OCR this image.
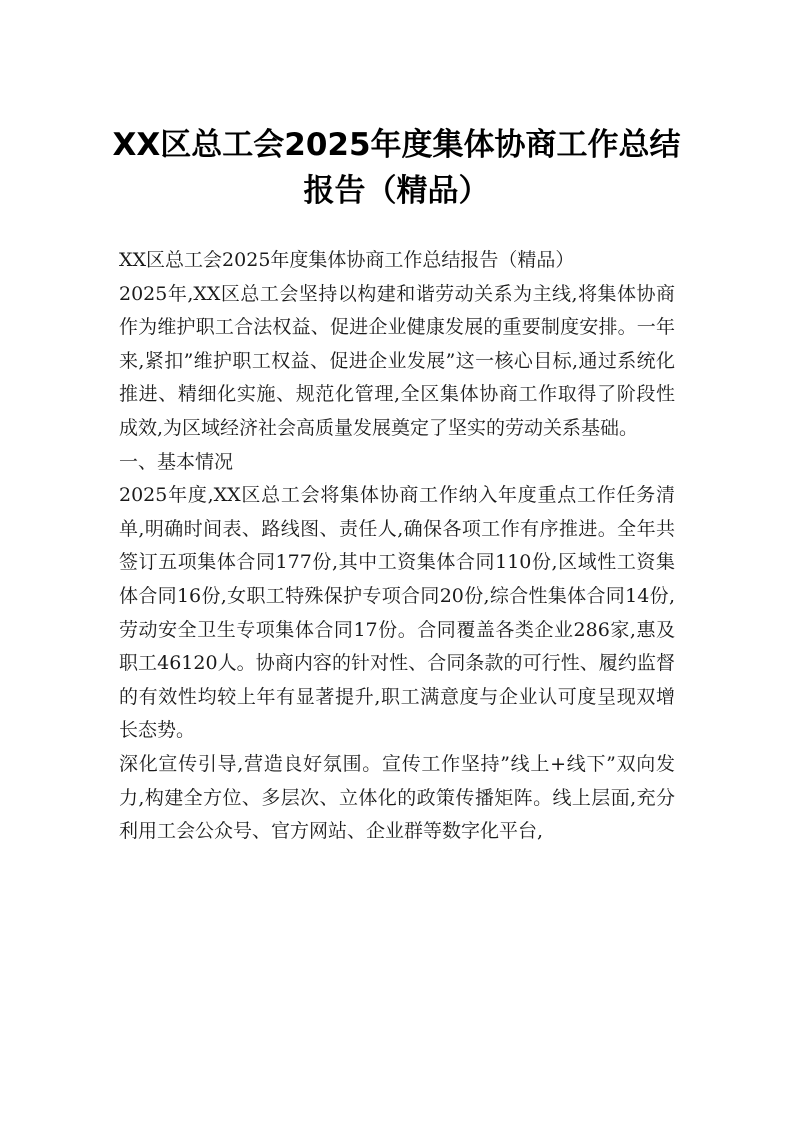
XX区总工会2025年度集体协商工作总结报告（精品）

XX区总工会2025年度集体协商工作总结报告（精品）

2025年,XX区总工会坚持以构建和谐劳动关系为主线,将集体协商作为维护职工合法权益、促进企业健康发展的重要制度安排。一年来,紧扣”维护职工权益、促进企业发展”这一核心目标,通过系统化推进、精细化实施、规范化管理,全区集体协商工作取得了阶段性成效,为区域经济社会高质量发展奠定了坚实的劳动关系基础。

一、基本情况

2025年度,XX区总工会将集体协商工作纳入年度重点工作任务清单,明确时间表、路线图、责任人,确保各项工作有序推进。全年共签订五项集体合同177份,其中工资集体合同110份,区域性工资集体合同16份,女职工特殊保护专项合同20份,综合性集体合同14份,劳动安全卫生专项集体合同17份。合同覆盖各类企业286家,惠及职工46120人。协商内容的针对性、合同条款的可行性、履约监督的有效性均较上年有显著提升,职工满意度与企业认可度呈现双增长态势。

深化宣传引导,营造良好氛围。宣传工作坚持”线上+线下”双向发力,构建全方位、多层次、立体化的政策传播矩阵。线上层面,充分利用工会公众号、官方网站、企业群等数字化平台,
